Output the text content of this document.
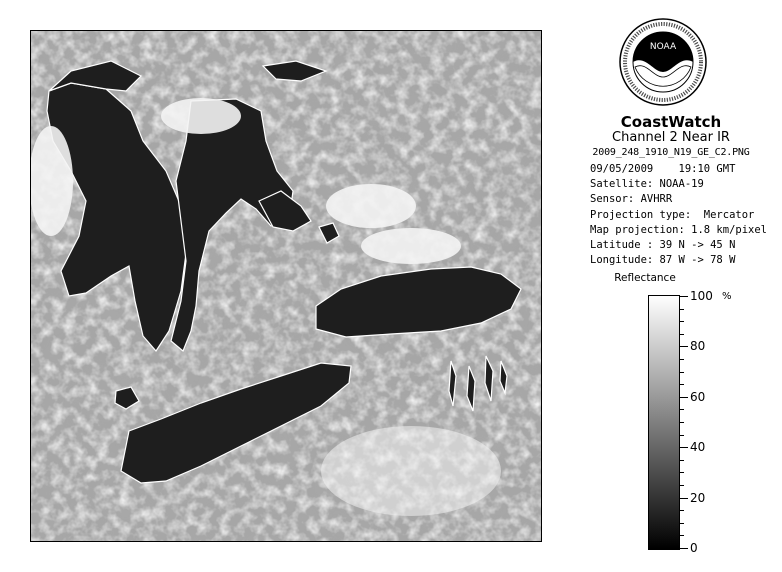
NOAA
CoastWatch
Channel 2 Near IR
2009_248_1910_N19_GE_C2.PNG
09/05/2009    19:10 GMT
Satellite: NOAA-19
Sensor: AVHRR
Projection type:  Mercator
Map projection: 1.8 km/pixel
Latitude : 39 N -> 45 N
Longitude: 87 W -> 78 W
Reflectance
%
100
80
60
40
20
0
